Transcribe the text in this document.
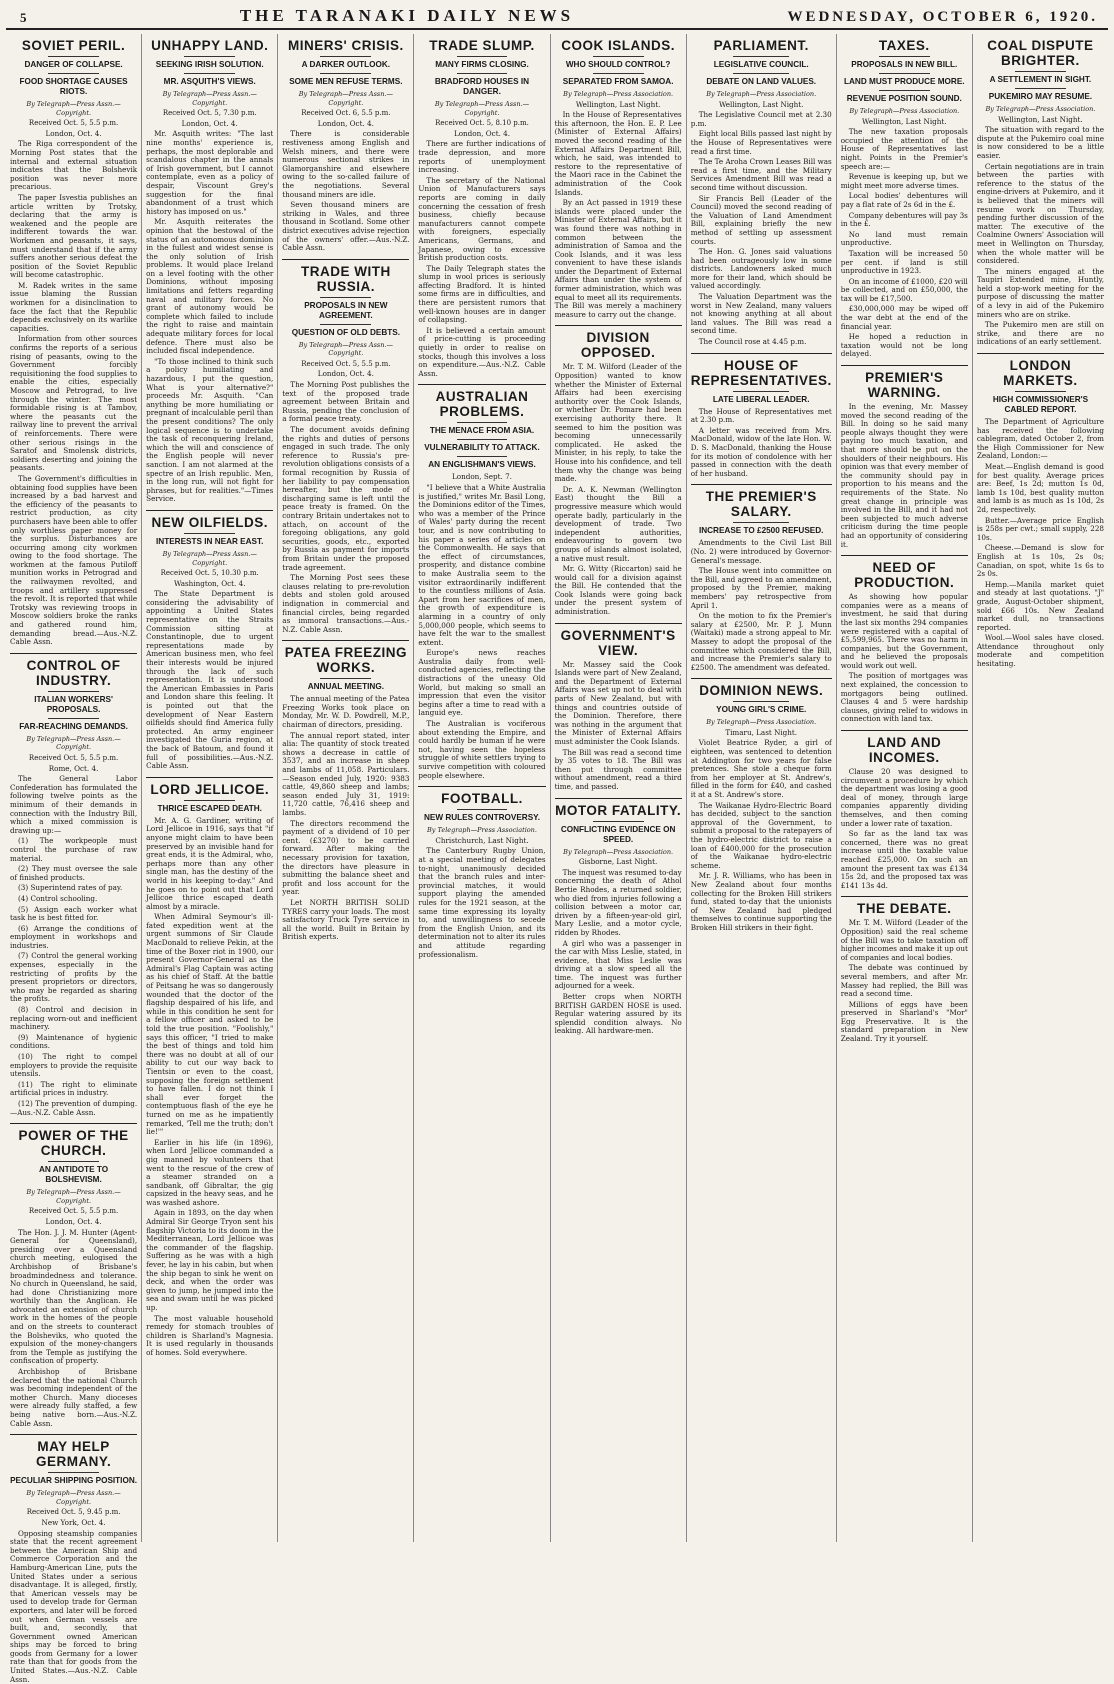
5	THE TARANAKI DAILY NEWS	WEDNESDAY, OCTOBER 6, 1920.
SOVIET PERIL.
DANGER OF COLLAPSE.
FOOD SHORTAGE CAUSES RIOTS.
By Telegraph—Press Assn.—Copyright.
Received Oct. 5, 5.5 p.m.
London, Oct. 4.

The Riga correspondent of the Morning Post states that the internal and external situation indicates that the Bolshevik position was never more precarious.

The paper Isvestia publishes an article written by Trotsky, declaring that the army is weakened and the people are indifferent towards the war. Workmen and peasants, it says, must understand that if the army suffers another serious defeat the position of the Soviet Republic will become catastrophic.

M. Radek writes in the same issue blaming the Russian workmen for a disinclination to face the fact that the Republic depends exclusively on its warlike capacities.

Information from other sources confirms the reports of a serious rising of peasants, owing to the Government forcibly requisitioning the food supplies to enable the cities, especially Moscow and Petrograd, to live through the winter. The most formidable rising is at Tambov, where the peasants cut the railway line to prevent the arrival of reinforcements. There were other serious risings in the Saratof and Smolensk districts, soldiers deserting and joining the peasants.

The Government's difficulties in obtaining food supplies have been increased by a bad harvest and the efficiency of the peasants to restrict production, as city purchasers have been able to offer only worthless paper money for the surplus. Disturbances are occurring among city workmen owing to the food shortage. The workmen at the famous Putiloff munition works in Petrograd and the railwaymen revolted, and troops and artillery suppressed the revolt. It is reported that while Trotsky was reviewing troops in Moscow soldiers broke the ranks and gathered round him, demanding bread.—Aus.-N.Z. Cable Assn.

CONTROL OF INDUSTRY.
ITALIAN WORKERS' PROPOSALS.
FAR-REACHING DEMANDS.
By Telegraph—Press Assn.—Copyright.
Received Oct. 5, 5.5 p.m.
Rome, Oct. 4.

The General Labor Confederation has formulated the following twelve points as the minimum of their demands in connection with the Industry Bill, which a mixed commission is drawing up:—

(1) The workpeople must control the purchase of raw material.

(2) They must oversee the sale of finished products.

(3) Superintend rates of pay.

(4) Control schooling.

(5) Assign each worker what task he is best fitted for.

(6) Arrange the conditions of employment in workshops and industries.

(7) Control the general working expenses, especially in the restricting of profits by the present proprietors or directors, who may be regarded as sharing the profits.

(8) Control and decision in replacing worn-out and inefficient machinery.

(9) Maintenance of hygienic conditions.

(10) The right to compel employers to provide the requisite utensils.

(11) The right to eliminate artificial prices in industry.

(12) The prevention of dumping.—Aus.-N.Z. Cable Assn.

POWER OF THE CHURCH.
AN ANTIDOTE TO BOLSHEVISM.
By Telegraph—Press Assn.—Copyright.
Received Oct. 5, 5.5 p.m.
London, Oct. 4.

The Hon. J. J. M. Hunter (Agent-General for Queensland), presiding over a Queensland church meeting, eulogised the Archbishop of Brisbane's broadmindedness and tolerance. No church in Queensland, he said, had done Christianizing more worthily than the Anglican. He advocated an extension of church work in the homes of the people and on the streets to counteract the Bolsheviks, who quoted the expulsion of the money-changers from the Temple as justifying the confiscation of property.

Archbishop of Brisbane declared that the national Church was becoming independent of the mother Church. Many dioceses were already fully staffed, a few being native born.—Aus.-N.Z. Cable Assn.

MAY HELP GERMANY.
PECULIAR SHIPPING POSITION.
By Telegraph—Press Assn.—Copyright.
Received Oct. 5, 9.45 p.m.
New York, Oct. 4.

Opposing steamship companies state that the recent agreement between the American Ship and Commerce Corporation and the Hamburg-American Line, puts the United States under a serious disadvantage. It is alleged, firstly, that American vessels may be used to develop trade for German exporters, and later will be forced out when German vessels are built, and, secondly, that Government owned American ships may be forced to bring goods from Germany for a lower rate than that for goods from the United States.—Aus.-N.Z. Cable Assn.

UNHAPPY LAND.
SEEKING IRISH SOLUTION.
MR. ASQUITH'S VIEWS.
By Telegraph—Press Assn.—Copyright.
Received Oct. 5, 7.30 p.m.
London, Oct. 4.

Mr. Asquith writes: "The last nine months' experience is, perhaps, the most deplorable and scandalous chapter in the annals of Irish government, but I cannot contemplate, even as a policy of despair, Viscount Grey's suggestion for the final abandonment of a trust which history has imposed on us."

Mr. Asquith reiterates the opinion that the bestowal of the status of an autonomous dominion in the fullest and widest sense is the only solution of Irish problems. It would place Ireland on a level footing with the other Dominions, without imposing limitations and fetters regarding naval and military forces. No grant of autonomy would be complete which failed to include the right to raise and maintain adequate military forces for local defence. There must also be included fiscal independence.

"To those inclined to think such a policy humiliating and hazardous, I put the question, What is your alternative?" proceeds Mr. Asquith. "Can anything be more humiliating or pregnant of incalculable peril than the present conditions? The only logical sequence is to undertake the task of reconquering Ireland, which the will and conscience of the English people will never sanction. I am not alarmed at the spectre of an Irish republic. Men, in the long run, will not fight for phrases, but for realities."—Times Service.

NEW OILFIELDS.
INTERESTS IN NEAR EAST.
By Telegraph—Press Assn.—Copyright.
Received Oct. 5, 10.30 p.m.
Washington, Oct. 4.

The State Department is considering the advisability of appointing a United States representative on the Straits Commission sitting at Constantinople, due to urgent representations made by American business men, who feel their interests would be injured through the lack of such representation. It is understood the American Embassies in Paris and London share this feeling. It is pointed out that the development of Near Eastern oilfields should find America fully protected. An army engineer investigated the Guria region, at the back of Batoum, and found it full of possibilities.—Aus.-N.Z. Cable Assn.

LORD JELLICOE.
THRICE ESCAPED DEATH.

Mr. A. G. Gardiner, writing of Lord Jellicoe in 1916, says that "if anyone might claim to have been preserved by an invisible hand for great ends, it is the Admiral, who, perhaps more than any other single man, has the destiny of the world in his keeping to-day." And he goes on to point out that Lord Jellicoe thrice escaped death almost by a miracle.

When Admiral Seymour's ill-fated expedition went at the urgent summons of Sir Claude MacDonald to relieve Pekin, at the time of the Boxer riot in 1900, our present Governor-General as the Admiral's Flag Captain was acting as his chief of Staff. At the battle of Peitsang he was so dangerously wounded that the doctor of the flagship despaired of his life, and while in this condition he sent for a fellow officer and asked to be told the true position. "Foolishly," says this officer, "I tried to make the best of things and told him there was no doubt at all of our ability to cut our way back to Tientsin or even to the coast, supposing the foreign settlement to have fallen. I do not think I shall ever forget the contemptuous flash of the eye he turned on me as he impatiently remarked, 'Tell me the truth; don't lie!'"

Earlier in his life (in 1896), when Lord Jellicoe commanded a gig manned by volunteers that went to the rescue of the crew of a steamer stranded on a sandbank, off Gibraltar, the gig capsized in the heavy seas, and he was washed ashore.

Again in 1893, on the day when Admiral Sir George Tryon sent his flagship Victoria to its doom in the Mediterranean, Lord Jellicoe was the commander of the flagship. Suffering as he was with a high fever, he lay in his cabin, but when the ship began to sink he went on deck, and when the order was given to jump, he jumped into the sea and swam until he was picked up.

The most valuable household remedy for stomach troubles of children is Sharland's Magnesia. It is used regularly in thousands of homes. Sold everywhere.

MINERS' CRISIS.
A DARKER OUTLOOK.
SOME MEN REFUSE TERMS.
By Telegraph—Press Assn.—Copyright.
Received Oct. 6, 5.5 p.m.
London, Oct. 4.

There is considerable restiveness among English and Welsh miners, and there were numerous sectional strikes in Glamorganshire and elsewhere owing to the so-called failure of the negotiations. Several thousand miners are idle.

Seven thousand miners are striking in Wales, and three thousand in Scotland. Some other district executives advise rejection of the owners' offer.—Aus.-N.Z. Cable Assn.

TRADE WITH RUSSIA.
PROPOSALS IN NEW AGREEMENT.
QUESTION OF OLD DEBTS.
By Telegraph—Press Assn.—Copyright.
Received Oct. 5, 5.5 p.m.
London, Oct. 4.

The Morning Post publishes the text of the proposed trade agreement between Britain and Russia, pending the conclusion of a formal peace treaty.

The document avoids defining the rights and duties of persons engaged in such trade. The only reference to Russia's pre-revolution obligations consists of a formal recognition by Russia of her liability to pay compensation hereafter, but the mode of discharging same is left until the peace treaty is framed. On the contrary Britain undertakes not to attach, on account of the foregoing obligations, any gold securities, goods, etc., exported by Russia as payment for imports from Britain under the proposed trade agreement.

The Morning Post sees these clauses relating to pre-revolution debts and stolen gold aroused indignation in commercial and financial circles, being regarded as immoral transactions.—Aus.-N.Z. Cable Assn.

PATEA FREEZING WORKS.
ANNUAL MEETING.

The annual meeting of the Patea Freezing Works took place on Monday, Mr. W. D. Powdrell, M.P., chairman of directors, presiding.

The annual report stated, inter alia: The quantity of stock treated shows a decrease in cattle of 3537, and an increase in sheep and lambs of 11,058. Particulars.—Season ended July, 1920: 9383 cattle, 49,860 sheep and lambs; season ended July 31, 1919: 11,720 cattle, 76,416 sheep and lambs.

The directors recommend the payment of a dividend of 10 per cent. (£3270) to be carried forward. After making the necessary provision for taxation, the directors have pleasure in submitting the balance sheet and profit and loss account for the year.

Let NORTH BRITISH SOLID TYRES carry your loads. The most satisfactory Truck Tyre service in all the world. Built in Britain by British experts.

TRADE SLUMP.
MANY FIRMS CLOSING.
BRADFORD HOUSES IN DANGER.
By Telegraph—Press Assn.—Copyright.
Received Oct. 5, 8.10 p.m.
London, Oct. 4.

There are further indications of trade depression, and more reports of unemployment increasing.

The secretary of the National Union of Manufacturers says reports are coming in daily concerning the cessation of fresh business, chiefly because manufacturers cannot compete with foreigners, especially Americans, Germans, and Japanese, owing to excessive British production costs.

The Daily Telegraph states the slump in wool prices is seriously affecting Bradford. It is hinted some firms are in difficulties, and there are persistent rumors that well-known houses are in danger of collapsing.

It is believed a certain amount of price-cutting is proceeding quietly in order to realise on stocks, though this involves a loss on expenditure.—Aus.-N.Z. Cable Assn.

AUSTRALIAN PROBLEMS.
THE MENACE FROM ASIA.
VULNERABILITY TO ATTACK.
AN ENGLISHMAN'S VIEWS.
London, Sept. 7.

"I believe that a White Australia is justified," writes Mr. Basil Long, the Dominions editor of the Times, who was a member of the Prince of Wales' party during the recent tour, and is now contributing to his paper a series of articles on the Commonwealth. He says that the effect of circumstances, prosperity, and distance combine to make Australia seem to the visitor extraordinarily indifferent to the countless millions of Asia. Apart from her sacrifices of men, the growth of expenditure is alarming in a country of only 5,000,000 people, which seems to have felt the war to the smallest extent.

Europe's news reaches Australia daily from well-conducted agencies, reflecting the distractions of the uneasy Old World, but making so small an impression that even the visitor begins after a time to read with a languid eye.

The Australian is vociferous about extending the Empire, and could hardly be human if he were not, having seen the hopeless struggle of white settlers trying to survive competition with coloured people elsewhere.

FOOTBALL.
NEW RULES CONTROVERSY.
By Telegraph—Press Association.
Christchurch, Last Night.

The Canterbury Rugby Union, at a special meeting of delegates to-night, unanimously decided that the branch rules and inter-provincial matches, it would support playing the amended rules for the 1921 season, at the same time expressing its loyalty to, and unwillingness to secede from the English Union, and its determination not to alter its rules and attitude regarding professionalism.

COOK ISLANDS.
WHO SHOULD CONTROL?
SEPARATED FROM SAMOA.
By Telegraph—Press Association.
Wellington, Last Night.

In the House of Representatives this afternoon, the Hon. E. P. Lee (Minister of External Affairs) moved the second reading of the External Affairs Department Bill, which, he said, was intended to restore to the representative of the Maori race in the Cabinet the administration of the Cook Islands.

By an Act passed in 1919 these islands were placed under the Minister of External Affairs, but it was found there was nothing in common between the administration of Samoa and the Cook Islands, and it was less convenient to have these islands under the Department of External Affairs than under the system of former administration, which was equal to meet all its requirements. The Bill was merely a machinery measure to carry out the change.

DIVISION OPPOSED.

Mr. T. M. Wilford (Leader of the Opposition) wanted to know whether the Minister of External Affairs had been exercising authority over the Cook Islands, or whether Dr. Pomare had been exercising authority there. It seemed to him the position was becoming unnecessarily complicated. He asked the Minister, in his reply, to take the House into his confidence, and tell them why the change was being made.

Dr. A. K. Newman (Wellington East) thought the Bill a progressive measure which would operate badly, particularly in the development of trade. Two independent authorities, endeavouring to govern two groups of islands almost isolated, a native must result.

Mr. G. Witty (Riccarton) said he would call for a division against the Bill. He contended that the Cook Islands were going back under the present system of administration.

GOVERNMENT'S VIEW.

Mr. Massey said the Cook Islands were part of New Zealand, and the Department of External Affairs was set up not to deal with parts of New Zealand, but with things and countries outside of the Dominion. Therefore, there was nothing in the argument that the Minister of External Affairs must administer the Cook Islands.

The Bill was read a second time by 35 votes to 18. The Bill was then put through committee without amendment, read a third time, and passed.

MOTOR FATALITY.
CONFLICTING EVIDENCE ON SPEED.
By Telegraph—Press Association.
Gisborne, Last Night.

The inquest was resumed to-day concerning the death of Athol Bertie Rhodes, a returned soldier, who died from injuries following a collision between a motor car, driven by a fifteen-year-old girl, Mary Leslie, and a motor cycle, ridden by Rhodes.

A girl who was a passenger in the car with Miss Leslie, stated, in evidence, that Miss Leslie was driving at a slow speed all the time. The inquest was further adjourned for a week.

Better crops when NORTH BRITISH GARDEN HOSE is used. Regular watering assured by its splendid condition always. No leaking. All hardware-men.

PARLIAMENT.
LEGISLATIVE COUNCIL.
DEBATE ON LAND VALUES.
By Telegraph—Press Association.
Wellington, Last Night.

The Legislative Council met at 2.30 p.m.

Eight local Bills passed last night by the House of Representatives were read a first time.

The Te Aroha Crown Leases Bill was read a first time, and the Military Services Amendment Bill was read a second time without discussion.

Sir Francis Bell (Leader of the Council) moved the second reading of the Valuation of Land Amendment Bill, explaining briefly the new method of settling up assessment courts.

The Hon. G. Jones said valuations had been outrageously low in some districts. Landowners asked much more for their land, which should be valued accordingly.

The Valuation Department was the worst in New Zealand, many valuers not knowing anything at all about land values. The Bill was read a second time.

The Council rose at 4.45 p.m.

HOUSE OF REPRESENTATIVES.
LATE LIBERAL LEADER.

The House of Representatives met at 2.30 p.m.

A letter was received from Mrs. MacDonald, widow of the late Hon. W. D. S. MacDonald, thanking the House for its motion of condolence with her passed in connection with the death of her husband.

THE PREMIER'S SALARY.
INCREASE TO £2500 REFUSED.

Amendments to the Civil List Bill (No. 2) were introduced by Governor-General's message.

The House went into committee on the Bill, and agreed to an amendment, proposed by the Premier, making members' pay retrospective from April 1.

On the motion to fix the Premier's salary at £2500, Mr. P. J. Munn (Waitaki) made a strong appeal to Mr. Massey to adopt the proposal of the committee which considered the Bill, and increase the Premier's salary to £2500. The amendment was defeated.

DOMINION NEWS.
YOUNG GIRL'S CRIME.
By Telegraph—Press Association.
Timaru, Last Night.

Violet Beatrice Ryder, a girl of eighteen, was sentenced to detention at Addington for two years for false pretences. She stole a cheque form from her employer at St. Andrew's, filled in the form for £40, and cashed it at a St. Andrew's store.

The Waikanae Hydro-Electric Board has decided, subject to the sanction approval of the Government, to submit a proposal to the ratepayers of the hydro-electric district to raise a loan of £400,000 for the prosecution of the Waikanae hydro-electric scheme.

Mr. J. R. Williams, who has been in New Zealand about four months collecting for the Broken Hill strikers fund, stated to-day that the unionists of New Zealand had pledged themselves to continue supporting the Broken Hill strikers in their fight.

TAXES.
PROPOSALS IN NEW BILL.
LAND MUST PRODUCE MORE.
REVENUE POSITION SOUND.
By Telegraph—Press Association.
Wellington, Last Night.

The new taxation proposals occupied the attention of the House of Representatives last night. Points in the Premier's speech are:—

Revenue is keeping up, but we might meet more adverse times.

Local bodies' debentures will pay a flat rate of 2s 6d in the £.

Company debentures will pay 3s in the £.

No land must remain unproductive.

Taxation will be increased 50 per cent. if land is still unproductive in 1923.

On an income of £1000, £20 will be collected, and on £50,000, the tax will be £17,500.

£30,000,000 may be wiped off the war debt at the end of the financial year.

He hoped a reduction in taxation would not be long delayed.

PREMIER'S WARNING.

In the evening, Mr. Massey moved the second reading of the Bill. In doing so he said many people always thought they were paying too much taxation, and that more should be put on the shoulders of their neighbours. His opinion was that every member of the community should pay in proportion to his means and the requirements of the State. No great change in principle was involved in the Bill, and it had not been subjected to much adverse criticism during the time people had an opportunity of considering it.

NEED OF PRODUCTION.

As showing how popular companies were as a means of investment, he said that during the last six months 294 companies were registered with a capital of £5,599,965. There was no harm in companies, but the Government, and he believed the proposals would work out well.

The position of mortgages was next explained, the concession to mortgagors being outlined. Clauses 4 and 5 were hardship clauses, giving relief to widows in connection with land tax.

LAND AND INCOMES.

Clause 20 was designed to circumvent a procedure by which the department was losing a good deal of money, through large companies apparently dividing themselves, and then coming under a lower rate of taxation.

So far as the land tax was concerned, there was no great increase until the taxable value reached £25,000. On such an amount the present tax was £134 15s 2d, and the proposed tax was £141 13s 4d.

THE DEBATE.

Mr. T. M. Wilford (Leader of the Opposition) said the real scheme of the Bill was to take taxation off higher incomes and make it up out of companies and local bodies.

The debate was continued by several members, and after Mr. Massey had replied, the Bill was read a second time.

Millions of eggs have been preserved in Sharland's "Mor" Egg Preservative. It is the standard preparation in New Zealand. Try it yourself.

COAL DISPUTE BRIGHTER.
A SETTLEMENT IN SIGHT.
PUKEMIRO MAY RESUME.
By Telegraph—Press Association.
Wellington, Last Night.

The situation with regard to the dispute at the Pukemiro coal mine is now considered to be a little easier.

Certain negotiations are in train between the parties with reference to the status of the engine-drivers at Pukemiro, and it is believed that the miners will resume work on Thursday, pending further discussion of the matter. The executive of the Coalmine Owners' Association will meet in Wellington on Thursday, when the whole matter will be considered.

The miners engaged at the Taupiri Extended mine, Huntly, held a stop-work meeting for the purpose of discussing the matter of a levy in aid of the Pukemiro miners who are on strike.

The Pukemiro men are still on strike, and there are no indications of an early settlement.

LONDON MARKETS.
HIGH COMMISSIONER'S CABLED REPORT.

The Department of Agriculture has received the following cablegram, dated October 2, from the High Commissioner for New Zealand, London:—

Meat.—English demand is good for best quality. Average prices are: Beef, 1s 2d; mutton 1s 0d, lamb 1s 10d, best quality mutton and lamb is as much as 1s 10d, 2s 2d, respectively.

Butter.—Average price English is 258s per cwt.; small supply, 228 10s.

Cheese.—Demand is slow for English at 1s 10s, 2s 0s; Canadian, on spot, white 1s 6s to 2s 0s.

Hemp.—Manila market quiet and steady at last quotations. "J" grade, August-October shipment, sold £66 10s. New Zealand market dull, no transactions reported.

Wool.—Wool sales have closed. Attendance throughout only moderate and competition hesitating.
